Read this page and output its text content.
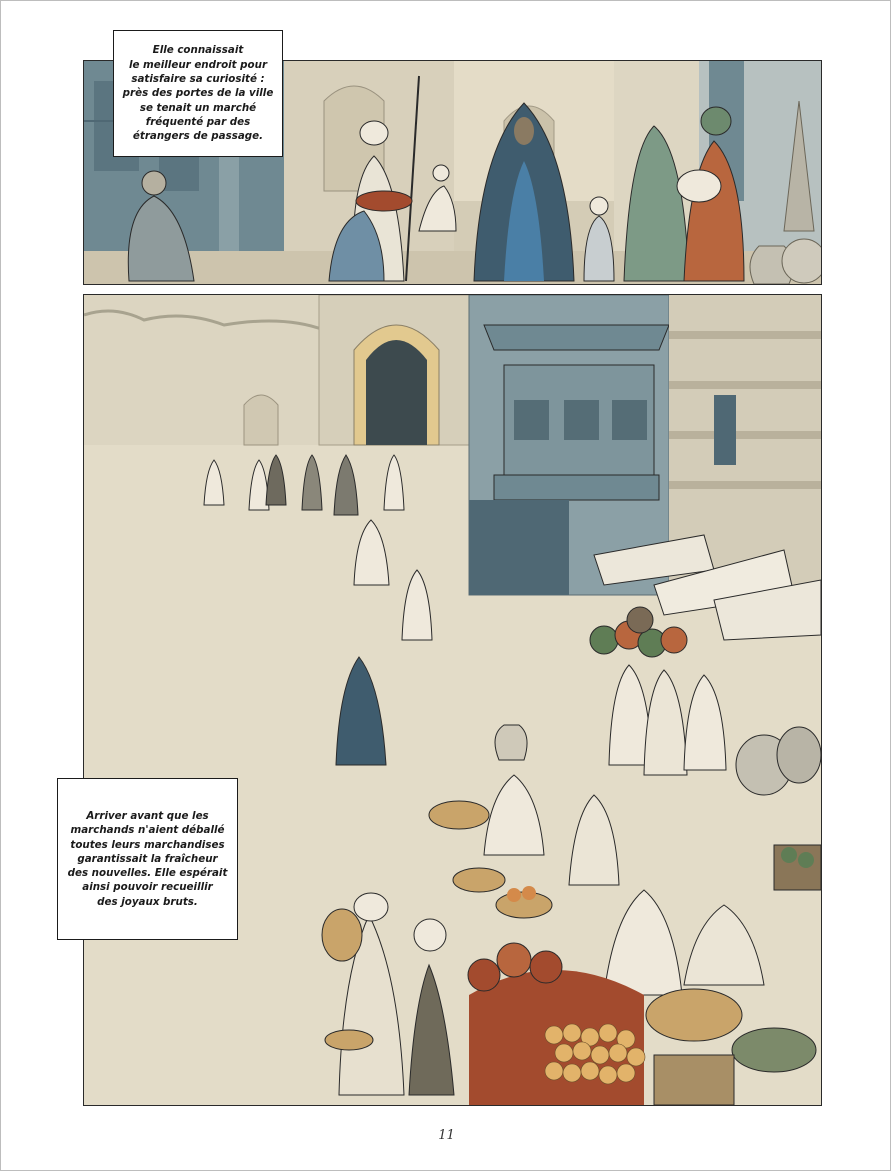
Elle connaissait
le meilleur endroit pour
satisfaire sa curiosité :
près des portes de la ville
se tenait un marché
fréquenté par des
étrangers de passage.
Arriver avant que les
marchands n'aient déballé
toutes leurs marchandises
garantissait la fraîcheur
des nouvelles. Elle espérait
ainsi pouvoir recueillir
des joyaux bruts.
11
